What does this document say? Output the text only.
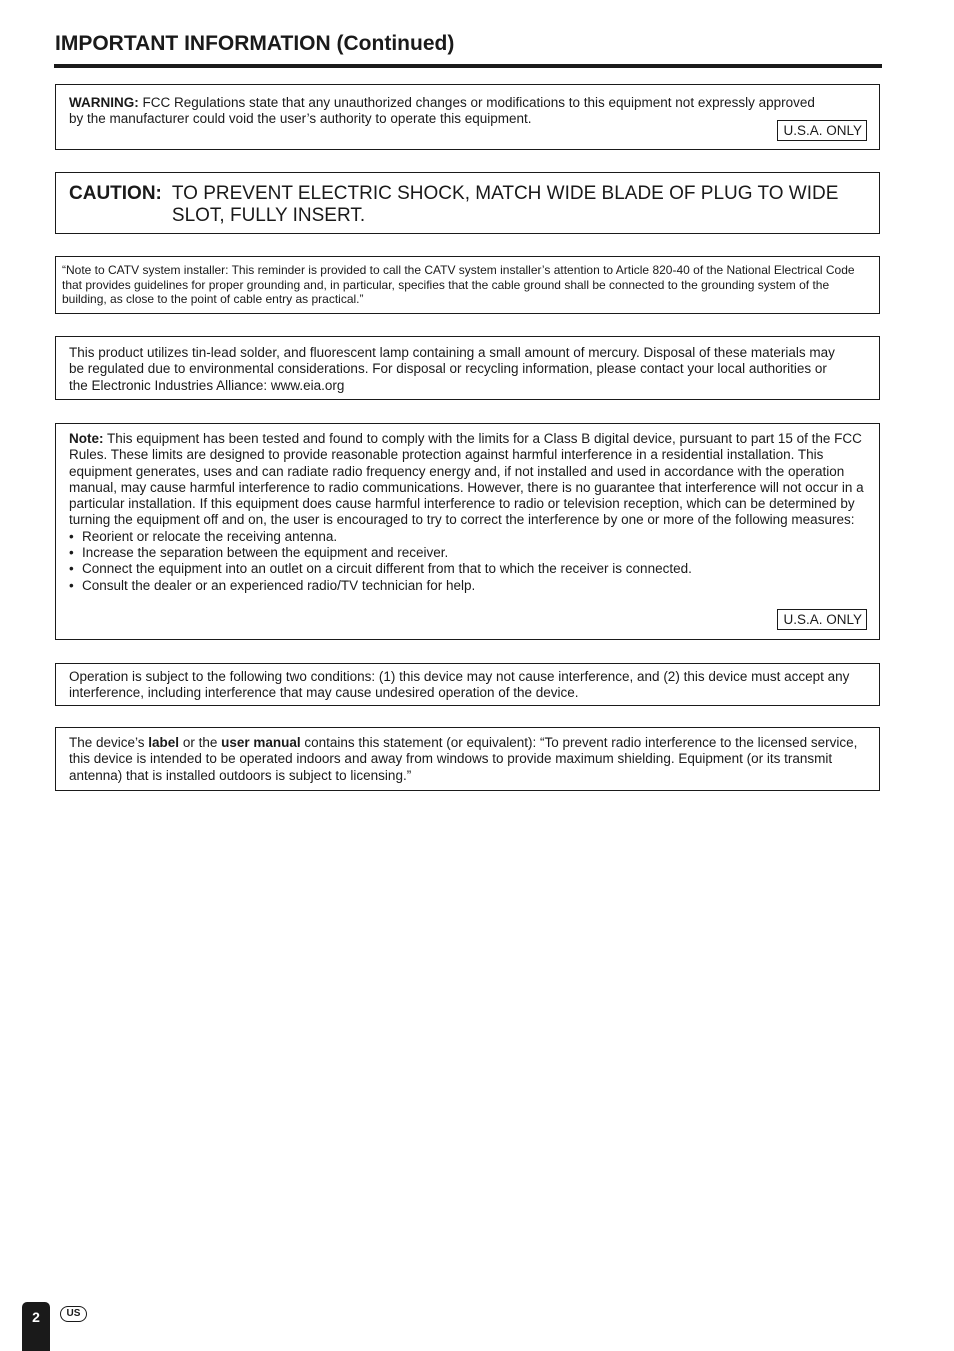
IMPORTANT INFORMATION (Continued)

WARNING: FCC Regulations state that any unauthorized changes or modifications to this equipment not expressly approved by the manufacturer could void the user’s authority to operate this equipment.

U.S.A. ONLY
CAUTION: TO PREVENT ELECTRIC SHOCK, MATCH WIDE BLADE OF PLUG TO WIDE SLOT, FULLY INSERT.

“Note to CATV system installer: This reminder is provided to call the CATV system installer’s attention to Article 820-40 of the National Electrical Code that provides guidelines for proper grounding and, in particular, specifies that the cable ground shall be connected to the grounding system of the building, as close to the point of cable entry as practical.”

This product utilizes tin-lead solder, and fluorescent lamp containing a small amount of mercury. Disposal of these materials may be regulated due to environmental considerations. For disposal or recycling information, please contact your local authorities or the Electronic Industries Alliance: www.eia.org

Note: This equipment has been tested and found to comply with the limits for a Class B digital device, pursuant to part 15 of the FCC Rules. These limits are designed to provide reasonable protection against harmful interference in a residential installation. This equipment generates, uses and can radiate radio frequency energy and, if not installed and used in accordance with the operation manual, may cause harmful interference to radio communications. However, there is no guarantee that interference will not occur in a particular installation. If this equipment does cause harmful interference to radio or television reception, which can be determined by turning the equipment off and on, the user is encouraged to try to correct the interference by one or more of the following measures:

• Reorient or relocate the receiving antenna.
• Increase the separation between the equipment and receiver.
• Connect the equipment into an outlet on a circuit different from that to which the receiver is connected.
• Consult the dealer or an experienced radio/TV technician for help.
U.S.A. ONLY

Operation is subject to the following two conditions: (1) this device may not cause interference, and (2) this device must accept any interference, including interference that may cause undesired operation of the device.

The device’s label or the user manual contains this statement (or equivalent): “To prevent radio interference to the licensed service, this device is intended to be operated indoors and away from windows to provide maximum shielding. Equipment (or its transmit antenna) that is installed outdoors is subject to licensing.”

2	US
